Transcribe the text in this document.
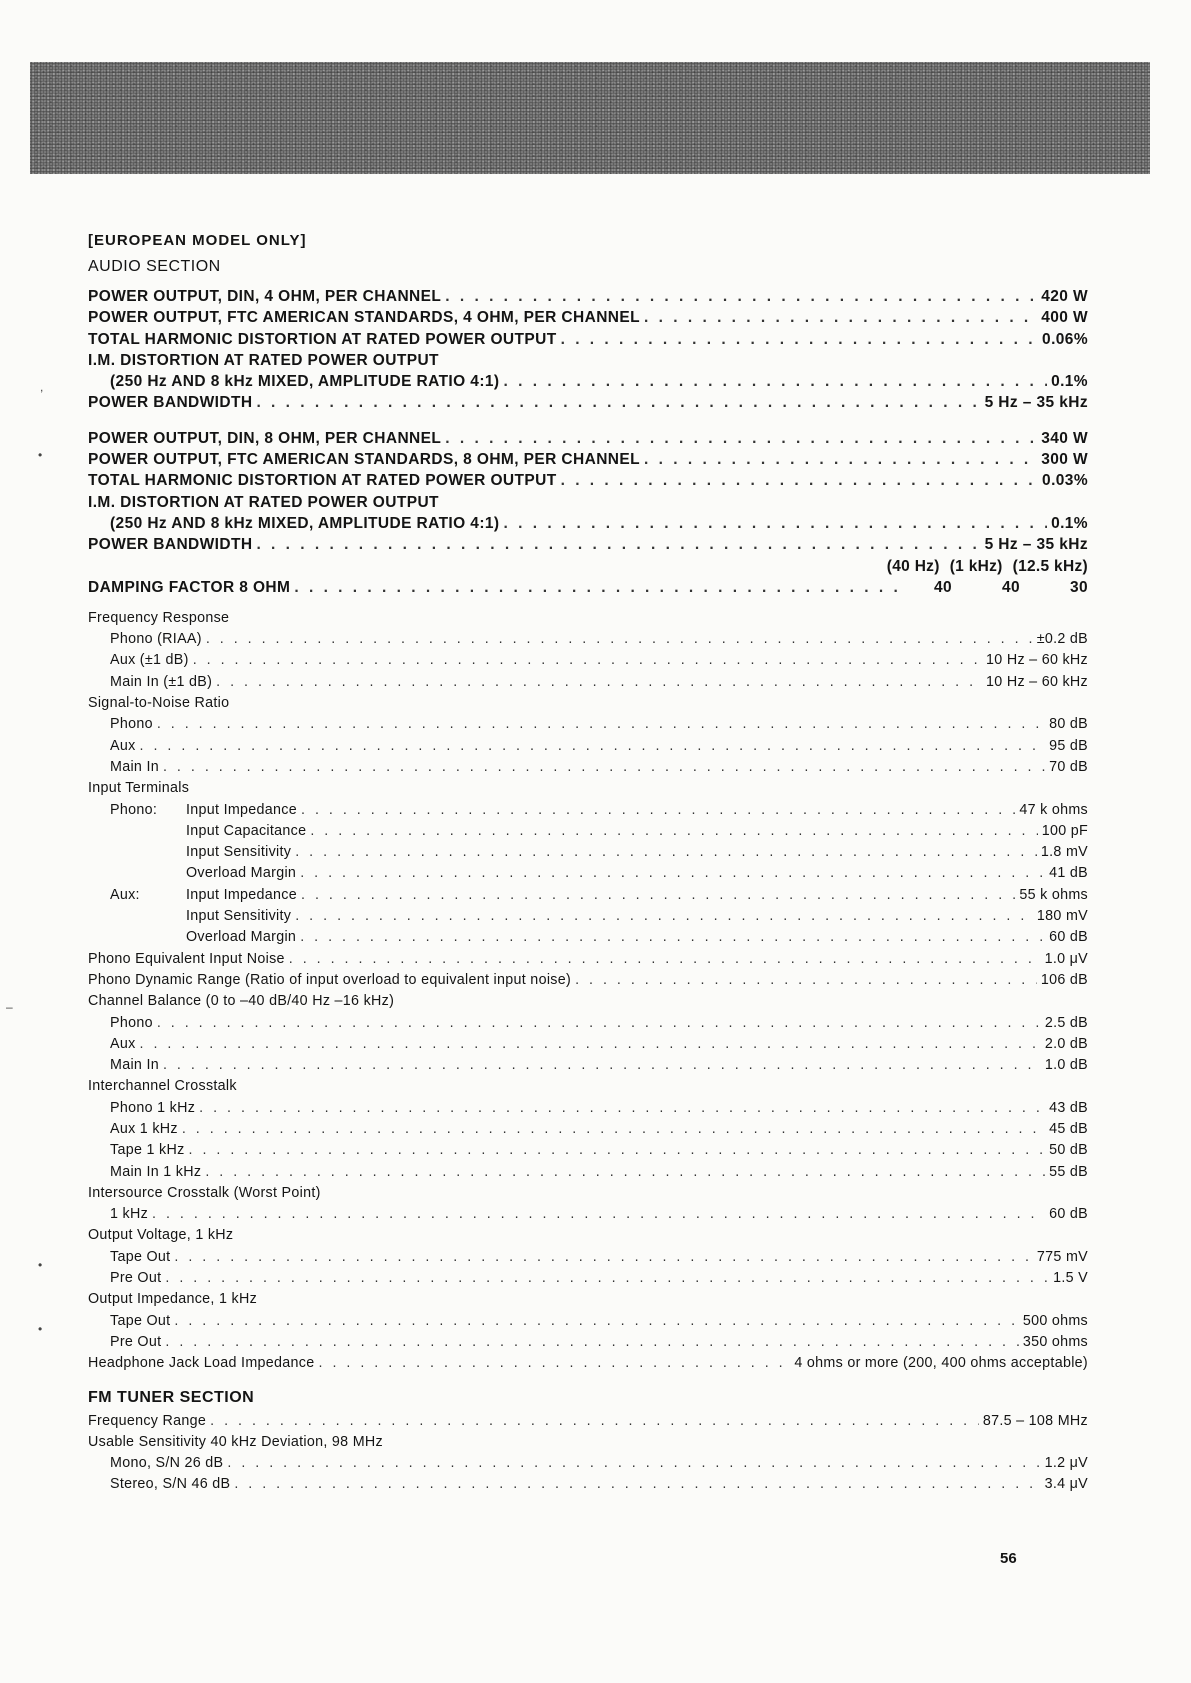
[EUROPEAN MODEL ONLY]
AUDIO SECTION
POWER OUTPUT, DIN, 4 OHM, PER CHANNEL . . .	420 W
POWER OUTPUT, FTC AMERICAN STANDARDS, 4 OHM, PER CHANNEL . . .	400 W
TOTAL HARMONIC DISTORTION AT RATED POWER OUTPUT . . .	0.06%
I.M. DISTORTION AT RATED POWER OUTPUT
(250 Hz AND 8 kHz MIXED, AMPLITUDE RATIO 4:1) . . .	0.1%
POWER BANDWIDTH . . .	5 Hz – 35 kHz
POWER OUTPUT, DIN, 8 OHM, PER CHANNEL . . .	340 W
POWER OUTPUT, FTC AMERICAN STANDARDS, 8 OHM, PER CHANNEL . . .	300 W
TOTAL HARMONIC DISTORTION AT RATED POWER OUTPUT . . .	0.03%
I.M. DISTORTION AT RATED POWER OUTPUT
(250 Hz AND 8 kHz MIXED, AMPLITUDE RATIO 4:1) . . .	0.1%
POWER BANDWIDTH . . .	5 Hz – 35 kHz
(40 Hz) (1 kHz) (12.5 kHz)
DAMPING FACTOR 8 OHM . . .	40	40	30
Frequency Response
Phono (RIAA) . . .	±0.2 dB
Aux (±1 dB) . . .	10 Hz – 60 kHz
Main In (±1 dB) . . .	10 Hz – 60 kHz
Signal-to-Noise Ratio
Phono . . .	80 dB
Aux . . .	95 dB
Main In . . .	70 dB
Input Terminals
Phono: Input Impedance . . .	47 k ohms
Input Capacitance . . .	100 pF
Input Sensitivity . . .	1.8 mV
Overload Margin . . .	41 dB
Aux:	Input Impedance . . .	55 k ohms
Input Sensitivity . . .	180 mV
Overload Margin . . .	60 dB
Phono Equivalent Input Noise . . .	1.0 μV
Phono Dynamic Range (Ratio of input overload to equivalent input noise) . . .	106 dB
Channel Balance (0 to –40 dB/40 Hz –16 kHz)
Phono . . .	2.5 dB
Aux . . .	2.0 dB
Main In . . .	1.0 dB
Interchannel Crosstalk
Phono 1 kHz . . .	43 dB
Aux 1 kHz . . .	45 dB
Tape 1 kHz . . .	50 dB
Main In 1 kHz . . .	55 dB
Intersource Crosstalk (Worst Point)
1 kHz . . .	60 dB
Output Voltage, 1 kHz
Tape Out . . .	775 mV
Pre Out . . .	1.5 V
Output Impedance, 1 kHz
Tape Out . . .	500 ohms
Pre Out . . .	350 ohms
Headphone Jack Load Impedance . . .	4 ohms or more (200, 400 ohms acceptable)
FM TUNER SECTION
Frequency Range . . .	87.5 – 108 MHz
Usable Sensitivity 40 kHz Deviation, 98 MHz
Mono, S/N 26 dB . . .	1.2 μV
Stereo, S/N 46 dB . . .	3.4 μV
56
,
•
•
•
–
